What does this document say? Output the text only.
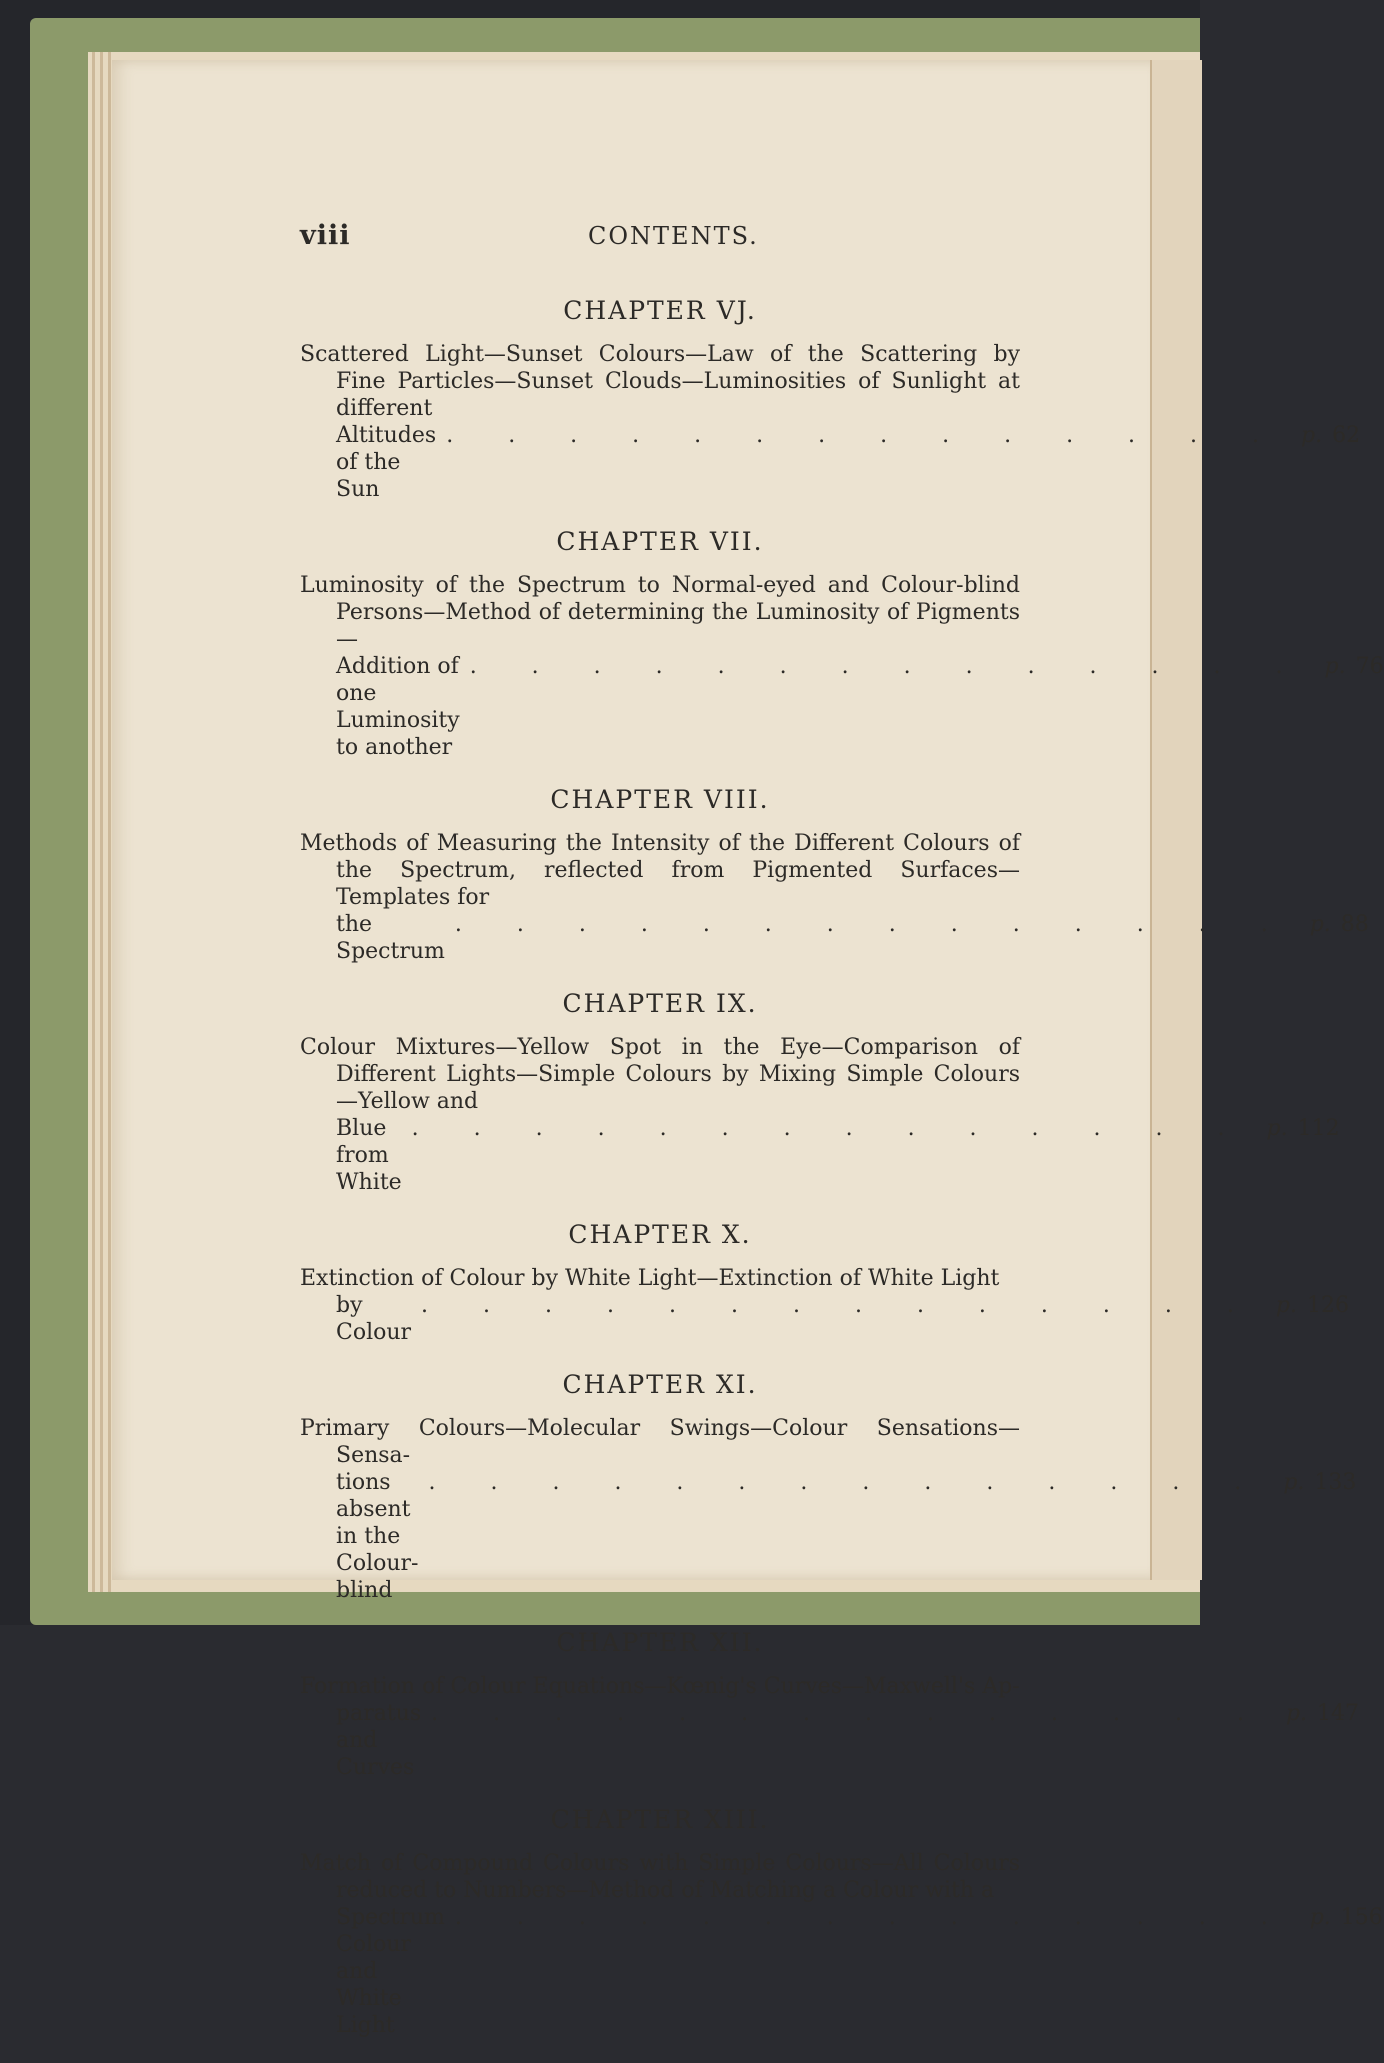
viii	CONTENTS.
CHAPTER VJ.
Scattered Light—Sunset Colours—Law of the Scattering by Fine Particles—Sunset Clouds—Luminosities of Sunlight at different
Altitudes of the Sun
. . . . . . . . . . . . . . p. 62
CHAPTER VII.
Luminosity of the Spectrum to Normal-eyed and Colour-blind Persons—Method of determining the Luminosity of Pigments—
Addition of one Luminosity to another
. . . . . . . . . . . . . . p. 76
CHAPTER VIII.
Methods of Measuring the Intensity of the Different Colours of the Spectrum, reflected from Pigmented Surfaces—Templates for
the Spectrum
. . . . . . . . . . . . . . p. 88
CHAPTER IX.
Colour Mixtures—Yellow Spot in the Eye—Comparison of Different Lights—Simple Colours by Mixing Simple Colours—Yellow and
Blue from White
. . . . . . . . . . . . . . p. 112
CHAPTER X.
Extinction of Colour by White Light—Extinction of White Light
by Colour
. . . . . . . . . . . . . . p. 126
CHAPTER XI.
Primary Colours—Molecular Swings—Colour Sensations—Sensa-
tions absent in the Colour-blind
. . . . . . . . . . . . . . p. 133
CHAPTER XII.
Formation of Colour Equations—Kœnig's Curves—Maxwell's Ap-
paratus and Curves
. . . . . . . . . . . . . . p. 147
CHAPTER XIII.
Match of Compound Colours with Simple Colours—All Colours reduced to Numbers—Method of Matching a Colour with a
Spectrum Colour and White Light
. . . . . . . . . . . . . . p. 156
